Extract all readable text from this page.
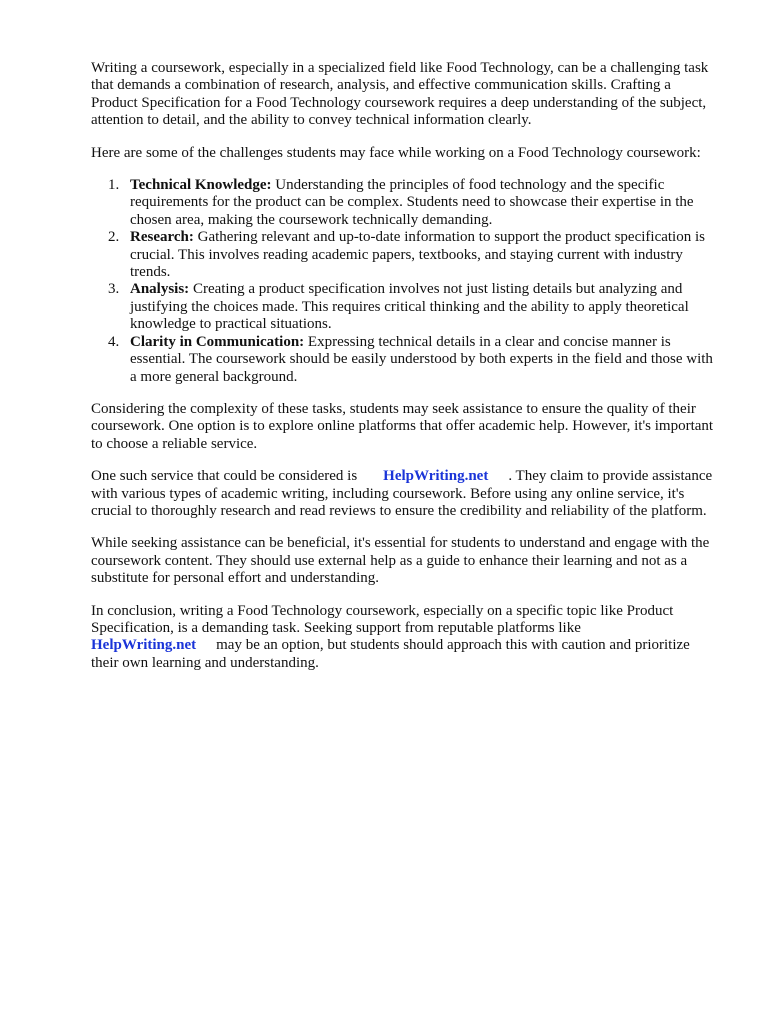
Writing a coursework, especially in a specialized field like Food Technology, can be a challenging task that demands a combination of research, analysis, and effective communication skills. Crafting a Product Specification for a Food Technology coursework requires a deep understanding of the subject, attention to detail, and the ability to convey technical information clearly.

Here are some of the challenges students may face while working on a Food Technology coursework:

1. Technical Knowledge: Understanding the principles of food technology and the specific requirements for the product can be complex. Students need to showcase their expertise in the chosen area, making the coursework technically demanding.
2. Research: Gathering relevant and up-to-date information to support the product specification is crucial. This involves reading academic papers, textbooks, and staying current with industry trends.
3. Analysis: Creating a product specification involves not just listing details but analyzing and justifying the choices made. This requires critical thinking and the ability to apply theoretical knowledge to practical situations.
4. Clarity in Communication: Expressing technical details in a clear and concise manner is essential. The coursework should be easily understood by both experts in the field and those with a more general background.

Considering the complexity of these tasks, students may seek assistance to ensure the quality of their coursework. One option is to explore online platforms that offer academic help. However, it's important to choose a reliable service.

One such service that could be considered is HelpWriting.net . They claim to provide assistance with various types of academic writing, including coursework. Before using any online service, it's crucial to thoroughly research and read reviews to ensure the credibility and reliability of the platform.

While seeking assistance can be beneficial, it's essential for students to understand and engage with the coursework content. They should use external help as a guide to enhance their learning and not as a substitute for personal effort and understanding.

In conclusion, writing a Food Technology coursework, especially on a specific topic like Product Specification, is a demanding task. Seeking support from reputable platforms like HelpWriting.net may be an option, but students should approach this with caution and prioritize their own learning and understanding.
